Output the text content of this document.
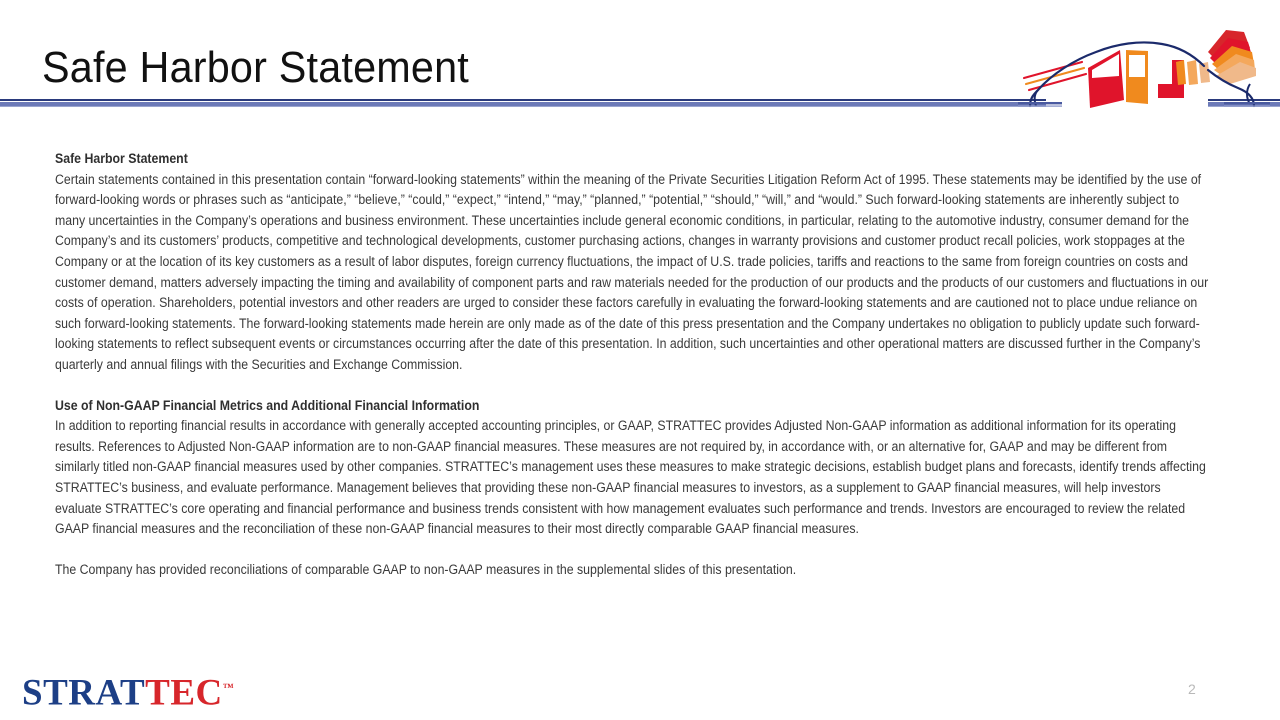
Safe Harbor Statement
Safe Harbor Statement
Certain statements contained in this presentation contain “forward-looking statements” within the meaning of the Private Securities Litigation Reform Act of 1995. These statements may be identified by the use of forward-looking words or phrases such as “anticipate,” “believe,” “could,” “expect,” “intend,” “may,” “planned,” “potential,” “should,” “will,” and “would.” Such forward-looking statements are inherently subject to many uncertainties in the Company’s operations and business environment. These uncertainties include general economic conditions, in particular, relating to the automotive industry, consumer demand for the Company’s and its customers’ products, competitive and technological developments, customer purchasing actions, changes in warranty provisions and customer product recall policies, work stoppages at the Company or at the location of its key customers as a result of labor disputes, foreign currency fluctuations, the impact of U.S. trade policies, tariffs and reactions to the same from foreign countries on costs and customer demand, matters adversely impacting the timing and availability of component parts and raw materials needed for the production of our products and the products of our customers and fluctuations in our costs of operation. Shareholders, potential investors and other readers are urged to consider these factors carefully in evaluating the forward-looking statements and are cautioned not to place undue reliance on such forward-looking statements. The forward-looking statements made herein are only made as of the date of this press presentation and the Company undertakes no obligation to publicly update such forward-looking statements to reflect subsequent events or circumstances occurring after the date of this presentation. In addition, such uncertainties and other operational matters are discussed further in the Company’s quarterly and annual filings with the Securities and Exchange Commission.
Use of Non-GAAP Financial Metrics and Additional Financial Information
In addition to reporting financial results in accordance with generally accepted accounting principles, or GAAP, STRATTEC provides Adjusted Non-GAAP information as additional information for its operating results. References to Adjusted Non-GAAP information are to non-GAAP financial measures. These measures are not required by, in accordance with, or an alternative for, GAAP and may be different from similarly titled non-GAAP financial measures used by other companies. STRATTEC’s management uses these measures to make strategic decisions, establish budget plans and forecasts, identify trends affecting STRATTEC’s business, and evaluate performance. Management believes that providing these non-GAAP financial measures to investors, as a supplement to GAAP financial measures, will help investors evaluate STRATTEC’s core operating and financial performance and business trends consistent with how management evaluates such performance and trends. Investors are encouraged to review the related GAAP financial measures and the reconciliation of these non-GAAP financial measures to their most directly comparable GAAP financial measures.
The Company has provided reconciliations of comparable GAAP to non-GAAP measures in the supplemental slides of this presentation.
STRATTEC™	2
